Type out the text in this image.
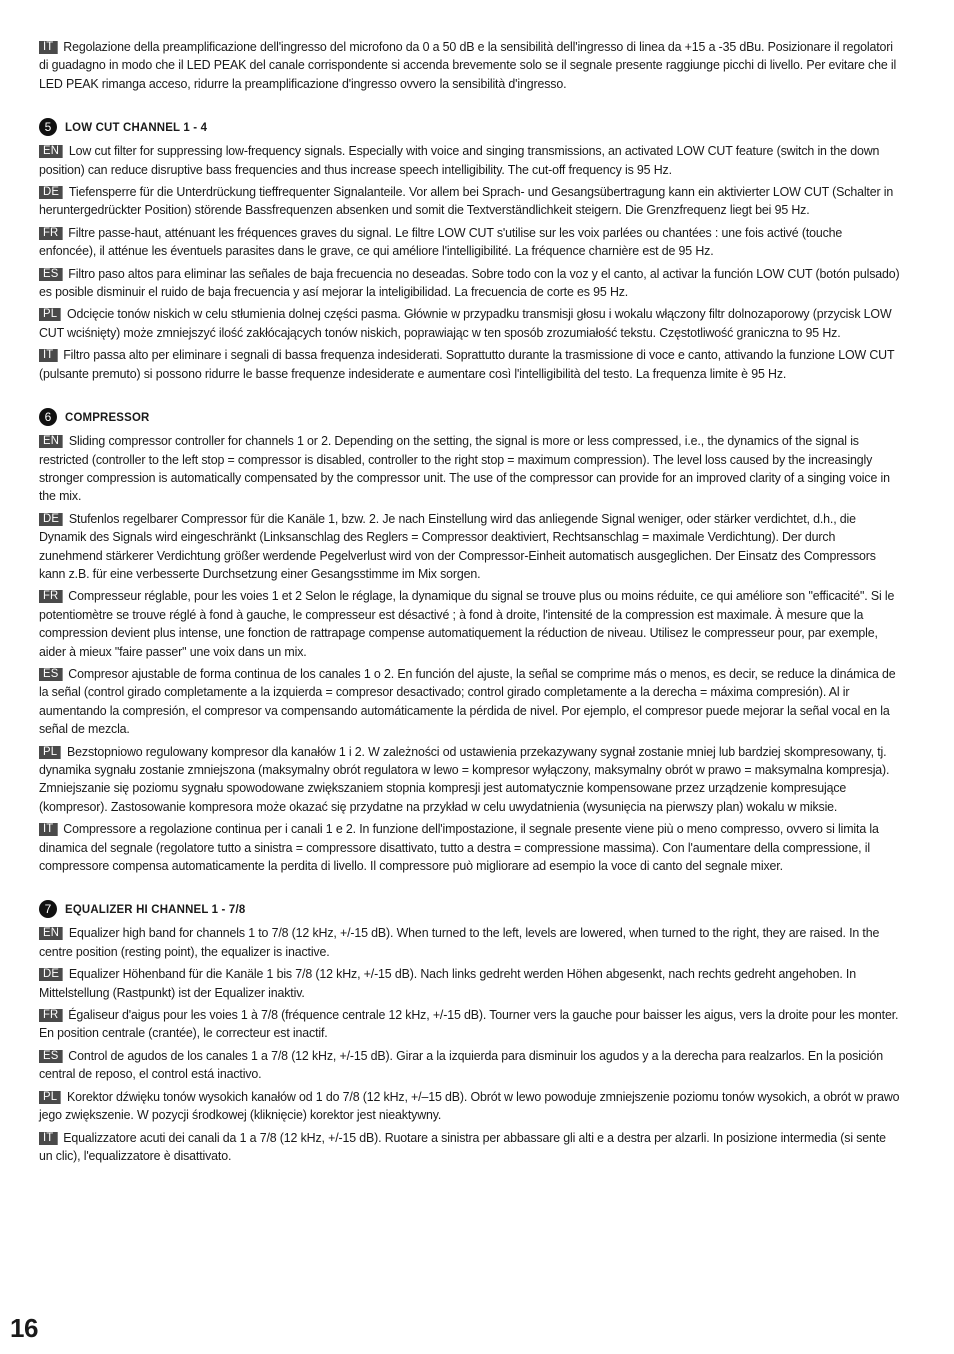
IT Regolazione della preamplificazione dell'ingresso del microfono da 0 a 50 dB e la sensibilità dell'ingresso di linea da +15 a -35 dBu. Posizionare il regolatori di guadagno in modo che il LED PEAK del canale corrispondente si accenda brevemente solo se il segnale presente raggiunge picchi di livello. Per evitare che il LED PEAK rimanga acceso, ridurre la preamplificazione d'ingresso ovvero la sensibilità d'ingresso.

5	LOW CUT CHANNEL 1 - 4

EN Low cut filter for suppressing low-frequency signals. Especially with voice and singing transmissions, an activated LOW CUT feature (switch in the down position) can reduce disruptive bass frequencies and thus increase speech intelligibility. The cut-off frequency is 95 Hz.

DE Tiefensperre für die Unterdrückung tieffrequenter Signalanteile. Vor allem bei Sprach- und Gesangsübertragung kann ein aktivierter LOW CUT (Schalter in heruntergedrückter Position) störende Bassfrequenzen absenken und somit die Textverständlichkeit steigern. Die Grenzfrequenz liegt bei 95 Hz.

FR Filtre passe-haut, atténuant les fréquences graves du signal. Le filtre LOW CUT s'utilise sur les voix parlées ou chantées : une fois activé (touche enfoncée), il atténue les éventuels parasites dans le grave, ce qui améliore l'intelligibilité. La fréquence charnière est de 95 Hz.

ES Filtro paso altos para eliminar las señales de baja frecuencia no deseadas. Sobre todo con la voz y el canto, al activar la función LOW CUT (botón pulsado) es posible disminuir el ruido de baja frecuencia y así mejorar la inteligibilidad. La frecuencia de corte es 95 Hz.

PL Odcięcie tonów niskich w celu stłumienia dolnej części pasma. Głównie w przypadku transmisji głosu i wokalu włączony filtr dolnozaporowy (przycisk LOW CUT wciśnięty) może zmniejszyć ilość zakłócających tonów niskich, poprawiając w ten sposób zrozumiałość tekstu. Częstotliwość graniczna to 95 Hz.

IT Filtro passa alto per eliminare i segnali di bassa frequenza indesiderati. Soprattutto durante la trasmissione di voce e canto, attivando la funzione LOW CUT (pulsante premuto) si possono ridurre le basse frequenze indesiderate e aumentare così l'intelligibilità del testo. La frequenza limite è 95 Hz.

6	COMPRESSOR

EN Sliding compressor controller for channels 1 or 2. Depending on the setting, the signal is more or less compressed, i.e., the dynamics of the signal is restricted (controller to the left stop = compressor is disabled, controller to the right stop = maximum compression). The level loss caused by the increasingly stronger compression is automatically compensated by the compressor unit. The use of the compressor can provide for an improved clarity of a singing voice in the mix.

DE Stufenlos regelbarer Compressor für die Kanäle 1, bzw. 2. Je nach Einstellung wird das anliegende Signal weniger, oder stärker verdichtet, d.h., die Dynamik des Signals wird eingeschränkt (Linksanschlag des Reglers = Compressor deaktiviert, Rechtsanschlag = maximale Verdichtung). Der durch zunehmend stärkerer Verdichtung größer werdende Pegelverlust wird von der Compressor-Einheit automatisch ausgeglichen. Der Einsatz des Compressors kann z.B. für eine verbesserte Durchsetzung einer Gesangsstimme im Mix sorgen.

FR Compresseur réglable, pour les voies 1 et 2 Selon le réglage, la dynamique du signal se trouve plus ou moins réduite, ce qui améliore son "efficacité". Si le potentiomètre se trouve réglé à fond à gauche, le compresseur est désactivé ; à fond à droite, l'intensité de la compression est maximale. À mesure que la compression devient plus intense, une fonction de rattrapage compense automatiquement la réduction de niveau. Utilisez le compresseur pour, par exemple, aider à mieux "faire passer" une voix dans un mix.

ES Compresor ajustable de forma continua de los canales 1 o 2. En función del ajuste, la señal se comprime más o menos, es decir, se reduce la dinámica de la señal (control girado completamente a la izquierda = compresor desactivado; control girado completamente a la derecha = máxima compresión). Al ir aumentando la compresión, el compresor va compensando automáticamente la pérdida de nivel. Por ejemplo, el compresor puede mejorar la señal vocal en la señal de mezcla.

PL Bezstopniowo regulowany kompresor dla kanałów 1 i 2. W zależności od ustawienia przekazywany sygnał zostanie mniej lub bardziej skompresowany, tj. dynamika sygnału zostanie zmniejszona (maksymalny obrót regulatora w lewo = kompresor wyłączony, maksymalny obrót w prawo = maksymalna kompresja). Zmniejszanie się poziomu sygnału spowodowane zwiększaniem stopnia kompresji jest automatycznie kompensowane przez urządzenie kompresujące (kompresor). Zastosowanie kompresora może okazać się przydatne na przykład w celu uwydatnienia (wysunięcia na pierwszy plan) wokalu w miksie.

IT Compressore a regolazione continua per i canali 1 e 2. In funzione dell'impostazione, il segnale presente viene più o meno compresso, ovvero si limita la dinamica del segnale (regolatore tutto a sinistra = compressore disattivato, tutto a destra = compressione massima). Con l'aumentare della compressione, il compressore compensa automaticamente la perdita di livello. Il compressore può migliorare ad esempio la voce di canto del segnale mixer.

7	EQUALIZER HI CHANNEL 1 - 7/8

EN Equalizer high band for channels 1 to 7/8 (12 kHz, +/-15 dB). When turned to the left, levels are lowered, when turned to the right, they are raised. In the centre position (resting point), the equalizer is inactive.

DE Equalizer Höhenband für die Kanäle 1 bis 7/8 (12 kHz, +/-15 dB). Nach links gedreht werden Höhen abgesenkt, nach rechts gedreht angehoben. In Mittelstellung (Rastpunkt) ist der Equalizer inaktiv.

FR Égaliseur d'aigus pour les voies 1 à 7/8 (fréquence centrale 12 kHz, +/-15 dB). Tourner vers la gauche pour baisser les aigus, vers la droite pour les monter. En position centrale (crantée), le correcteur est inactif.

ES Control de agudos de los canales 1 a 7/8 (12 kHz, +/-15 dB). Girar a la izquierda para disminuir los agudos y a la derecha para realzarlos. En la posición central de reposo, el control está inactivo.

PL Korektor dźwięku tonów wysokich kanałów od 1 do 7/8 (12 kHz, +/–15 dB). Obrót w lewo powoduje zmniejszenie poziomu tonów wysokich, a obrót w prawo jego zwiększenie. W pozycji środkowej (kliknięcie) korektor jest nieaktywny.

IT Equalizzatore acuti dei canali da 1 a 7/8 (12 kHz, +/-15 dB). Ruotare a sinistra per abbassare gli alti e a destra per alzarli. In posizione intermedia (si sente un clic), l'equalizzatore è disattivato.

16
